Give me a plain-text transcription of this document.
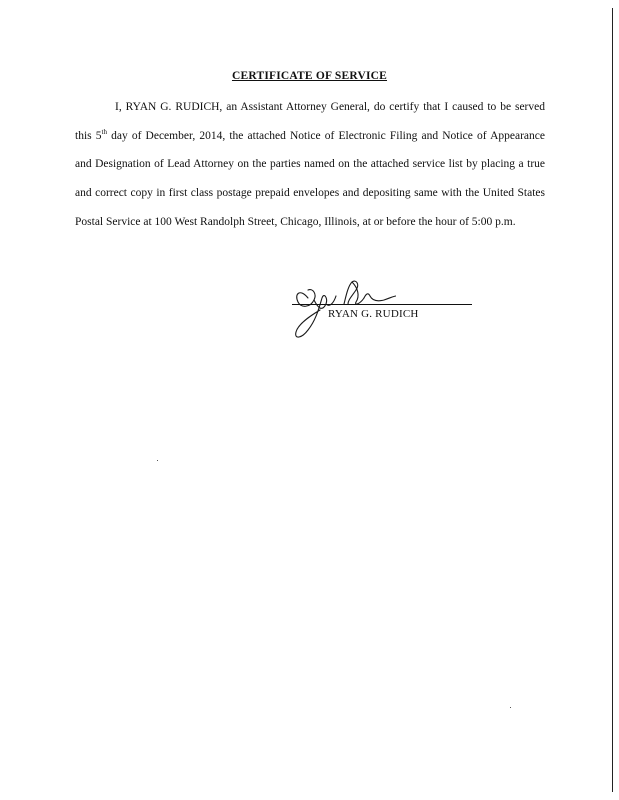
CERTIFICATE OF SERVICE

I, RYAN G. RUDICH, an Assistant Attorney General, do certify that I caused to be served this 5th day of December, 2014, the attached Notice of Electronic Filing and Notice of Appearance and Designation of Lead Attorney on the parties named on the attached service list by placing a true and correct copy in first class postage prepaid envelopes and depositing same with the United States Postal Service at 100 West Randolph Street, Chicago, Illinois, at or before the hour of 5:00 p.m.

RYAN G. RUDICH
